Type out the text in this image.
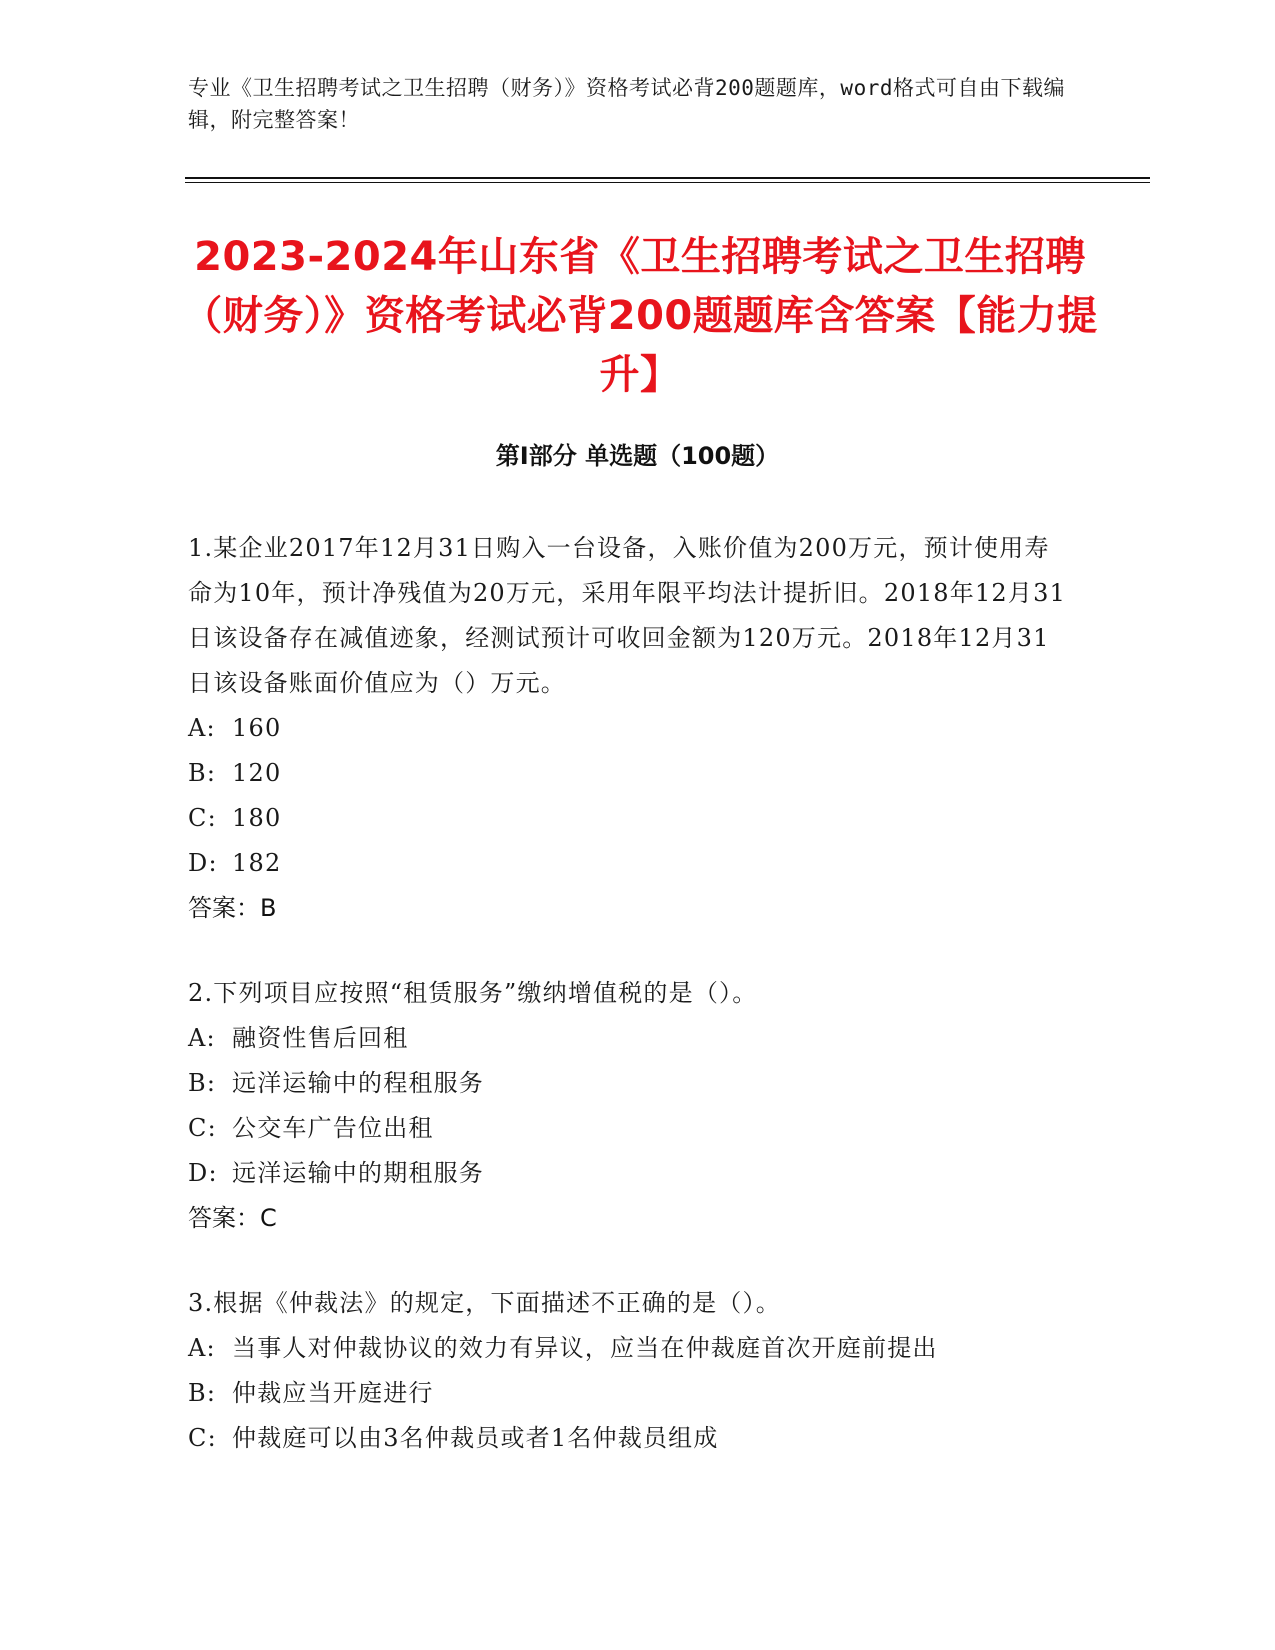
专业《卫生招聘考试之卫生招聘（财务）》资格考试必背200题题库，word格式可自由下载编辑，附完整答案！
2023-2024年山东省《卫生招聘考试之卫生招聘（财务）》资格考试必背200题题库含答案【能力提升】
第Ⅰ部分 单选题（100题）

1.某企业2017年12月31日购入一台设备，入账价值为200万元，预计使用寿命为10年，预计净残值为20万元，采用年限平均法计提折旧。2018年12月31日该设备存在减值迹象，经测试预计可收回金额为120万元。2018年12月31日该设备账面价值应为（）万元。

A: 160

B: 120

C: 180

D: 182

答案：B

2.下列项目应按照“租赁服务”缴纳增值税的是（）。

A: 融资性售后回租

B: 远洋运输中的程租服务

C: 公交车广告位出租

D: 远洋运输中的期租服务

答案：C

3.根据《仲裁法》的规定，下面描述不正确的是（）。

A: 当事人对仲裁协议的效力有异议，应当在仲裁庭首次开庭前提出

B: 仲裁应当开庭进行

C: 仲裁庭可以由3名仲裁员或者1名仲裁员组成
